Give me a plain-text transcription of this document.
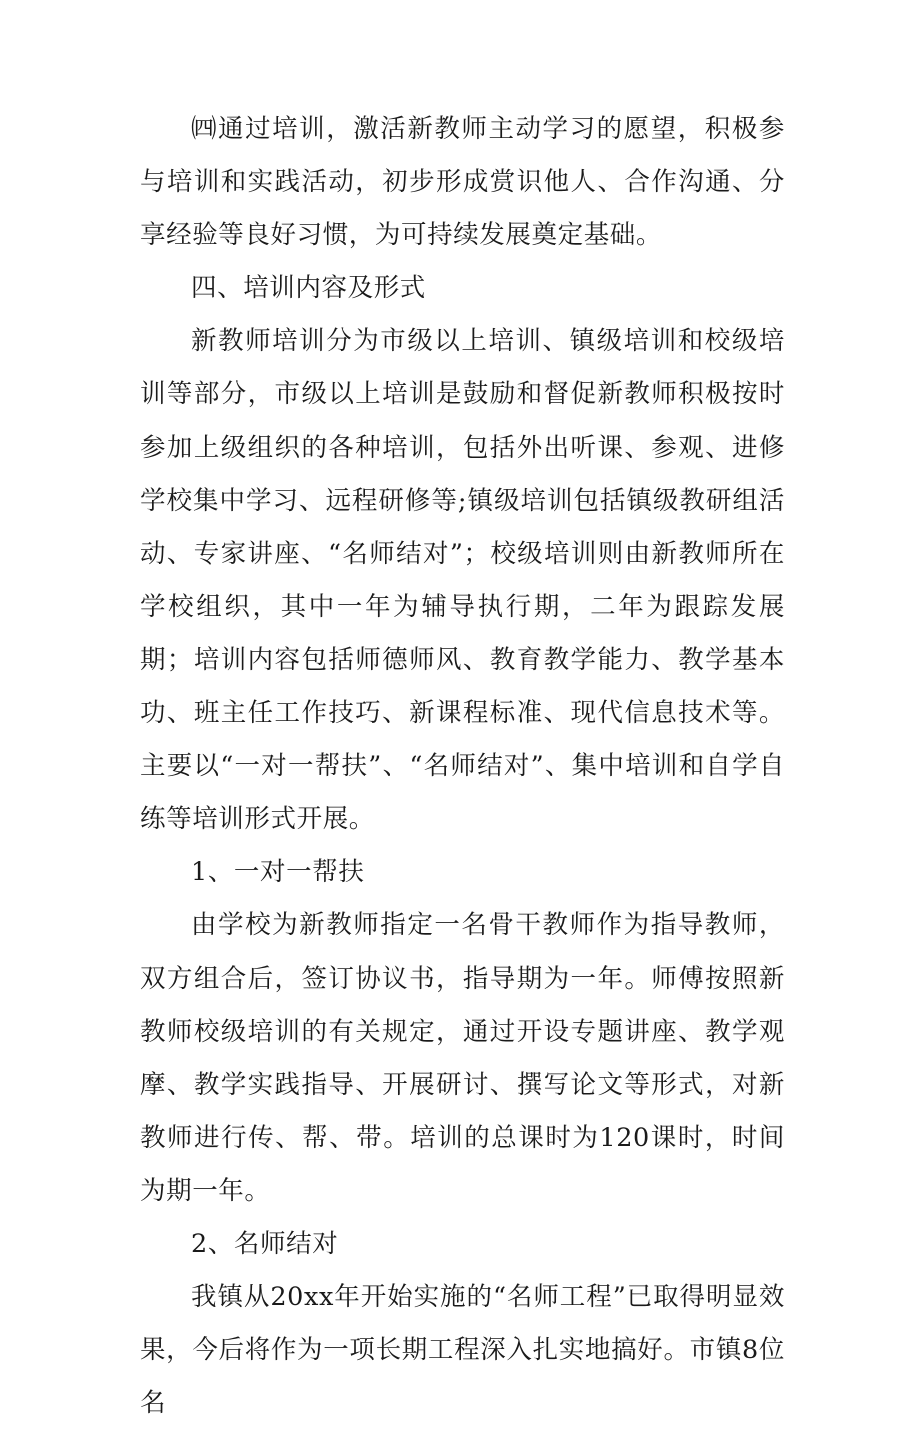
㈣通过培训，激活新教师主动学习的愿望，积极参与培训和实践活动，初步形成赏识他人、合作沟通、分享经验等良好习惯，为可持续发展奠定基础。

四、培训内容及形式

新教师培训分为市级以上培训、镇级培训和校级培训等部分，市级以上培训是鼓励和督促新教师积极按时参加上级组织的各种培训，包括外出听课、参观、进修学校集中学习、远程研修等;镇级培训包括镇级教研组活动、专家讲座、“名师结对”；校级培训则由新教师所在学校组织，其中一年为辅导执行期，二年为跟踪发展期；培训内容包括师德师风、教育教学能力、教学基本功、班主任工作技巧、新课程标准、现代信息技术等。主要以“一对一帮扶”、“名师结对”、集中培训和自学自练等培训形式开展。

1、一对一帮扶

由学校为新教师指定一名骨干教师作为指导教师，双方组合后，签订协议书，指导期为一年。师傅按照新教师校级培训的有关规定，通过开设专题讲座、教学观摩、教学实践指导、开展研讨、撰写论文等形式，对新教师进行传、帮、带。培训的总课时为120课时，时间为期一年。

2、名师结对

我镇从20xx年开始实施的“名师工程”已取得明显效果，今后将作为一项长期工程深入扎实地搞好。市镇8位名
